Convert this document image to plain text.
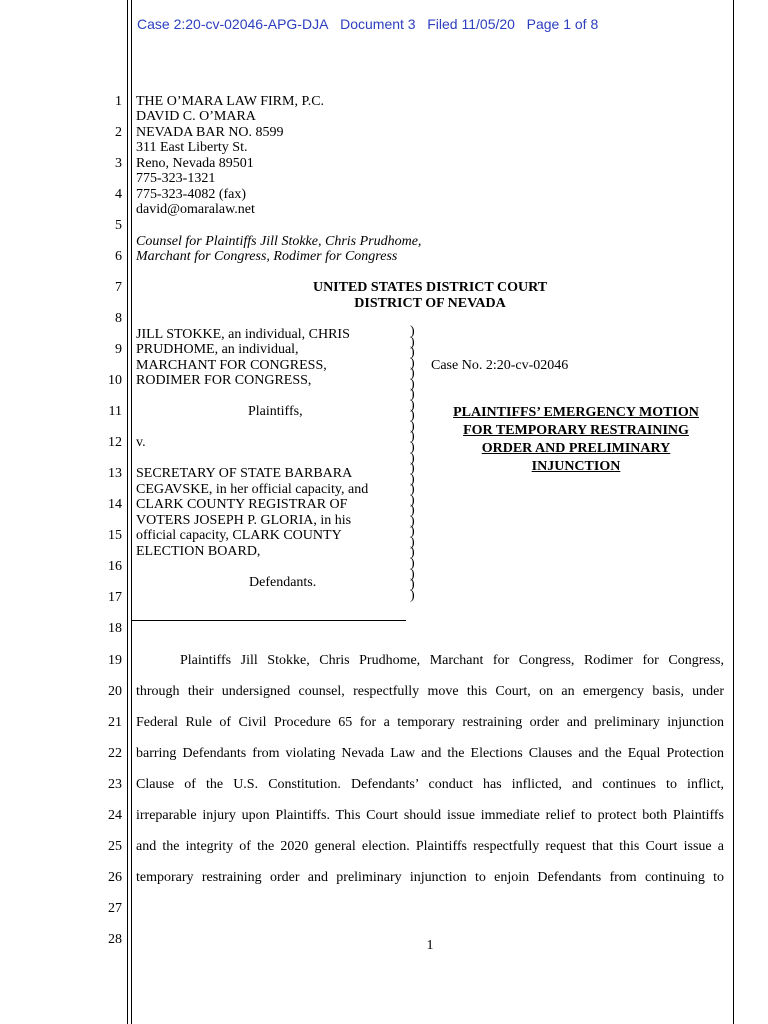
Case 2:20-cv-02046-APG-DJA Document 3 Filed 11/05/20 Page 1 of 8
1
2
3
4
5
6
7
8
9
10
11
12
13
14
15
16
17
18
19
20
21
22
23
24
25
26
27
28
THE O’MARA LAW FIRM, P.C.
DAVID C. O’MARA
NEVADA BAR NO. 8599
311 East Liberty St.
Reno, Nevada 89501
775-323-1321
775-323-4082 (fax)
david@omaralaw.net
Counsel for Plaintiffs Jill Stokke, Chris Prudhome,
Marchant for Congress, Rodimer for Congress
UNITED STATES DISTRICT COURT
DISTRICT OF NEVADA
JILL STOKKE, an individual, CHRIS
PRUDHOME, an individual,
MARCHANT FOR CONGRESS,
RODIMER FOR CONGRESS,
Plaintiffs,
v.
SECRETARY OF STATE BARBARA
CEGAVSKE, in her official capacity, and
CLARK COUNTY REGISTRAR OF
VOTERS JOSEPH P. GLORIA, in his
official capacity, CLARK COUNTY
ELECTION BOARD,
Defendants.
)
)
)
)
)
)
)
)
)
)
)
)
)
)
)
)
)
)
)
)
)
)
)
)
)
)
Case No. 2:20-cv-02046
PLAINTIFFS’ EMERGENCY MOTION
FOR TEMPORARY RESTRAINING
ORDER AND PRELIMINARY
INJUNCTION
Plaintiffs Jill Stokke, Chris Prudhome, Marchant for Congress, Rodimer for Congress,
through their undersigned counsel, respectfully move this Court, on an emergency basis, under
Federal Rule of Civil Procedure 65 for a temporary restraining order and preliminary injunction
barring Defendants from violating Nevada Law and the Elections Clauses and the Equal Protection
Clause of the U.S. Constitution. Defendants’ conduct has inflicted, and continues to inflict,
irreparable injury upon Plaintiffs. This Court should issue immediate relief to protect both Plaintiffs
and the integrity of the 2020 general election. Plaintiffs respectfully request that this Court issue a
temporary restraining order and preliminary injunction to enjoin Defendants from continuing to
1
